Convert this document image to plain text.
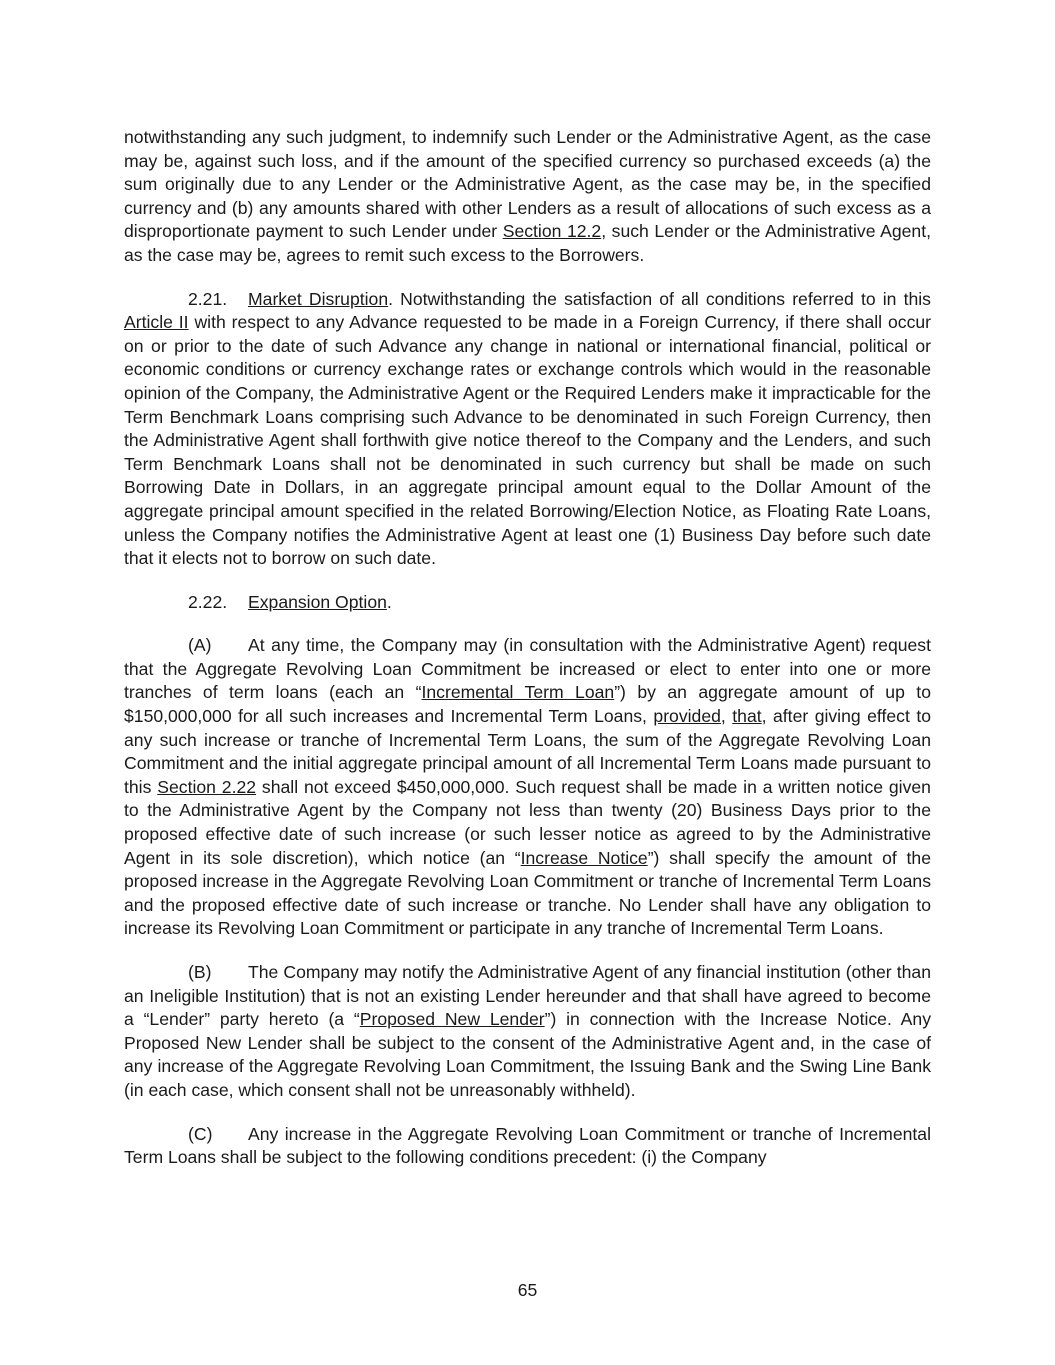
notwithstanding any such judgment, to indemnify such Lender or the Administrative Agent, as the case may be, against such loss, and if the amount of the specified currency so purchased exceeds (a) the sum originally due to any Lender or the Administrative Agent, as the case may be, in the specified currency and (b) any amounts shared with other Lenders as a result of allocations of such excess as a disproportionate payment to such Lender under Section 12.2, such Lender or the Administrative Agent, as the case may be, agrees to remit such excess to the Borrowers.

2.21. Market Disruption. Notwithstanding the satisfaction of all conditions referred to in this Article II with respect to any Advance requested to be made in a Foreign Currency, if there shall occur on or prior to the date of such Advance any change in national or international financial, political or economic conditions or currency exchange rates or exchange controls which would in the reasonable opinion of the Company, the Administrative Agent or the Required Lenders make it impracticable for the Term Benchmark Loans comprising such Advance to be denominated in such Foreign Currency, then the Administrative Agent shall forthwith give notice thereof to the Company and the Lenders, and such Term Benchmark Loans shall not be denominated in such currency but shall be made on such Borrowing Date in Dollars, in an aggregate principal amount equal to the Dollar Amount of the aggregate principal amount specified in the related Borrowing/Election Notice, as Floating Rate Loans, unless the Company notifies the Administrative Agent at least one (1) Business Day before such date that it elects not to borrow on such date.

2.22. Expansion Option.

(A) At any time, the Company may (in consultation with the Administrative Agent) request that the Aggregate Revolving Loan Commitment be increased or elect to enter into one or more tranches of term loans (each an “Incremental Term Loan”) by an aggregate amount of up to $150,000,000 for all such increases and Incremental Term Loans, provided, that, after giving effect to any such increase or tranche of Incremental Term Loans, the sum of the Aggregate Revolving Loan Commitment and the initial aggregate principal amount of all Incremental Term Loans made pursuant to this Section 2.22 shall not exceed $450,000,000. Such request shall be made in a written notice given to the Administrative Agent by the Company not less than twenty (20) Business Days prior to the proposed effective date of such increase (or such lesser notice as agreed to by the Administrative Agent in its sole discretion), which notice (an “Increase Notice”) shall specify the amount of the proposed increase in the Aggregate Revolving Loan Commitment or tranche of Incremental Term Loans and the proposed effective date of such increase or tranche. No Lender shall have any obligation to increase its Revolving Loan Commitment or participate in any tranche of Incremental Term Loans.

(B) The Company may notify the Administrative Agent of any financial institution (other than an Ineligible Institution) that is not an existing Lender hereunder and that shall have agreed to become a “Lender” party hereto (a “Proposed New Lender”) in connection with the Increase Notice. Any Proposed New Lender shall be subject to the consent of the Administrative Agent and, in the case of any increase of the Aggregate Revolving Loan Commitment, the Issuing Bank and the Swing Line Bank (in each case, which consent shall not be unreasonably withheld).

(C) Any increase in the Aggregate Revolving Loan Commitment or tranche of Incremental Term Loans shall be subject to the following conditions precedent: (i) the Company

65
